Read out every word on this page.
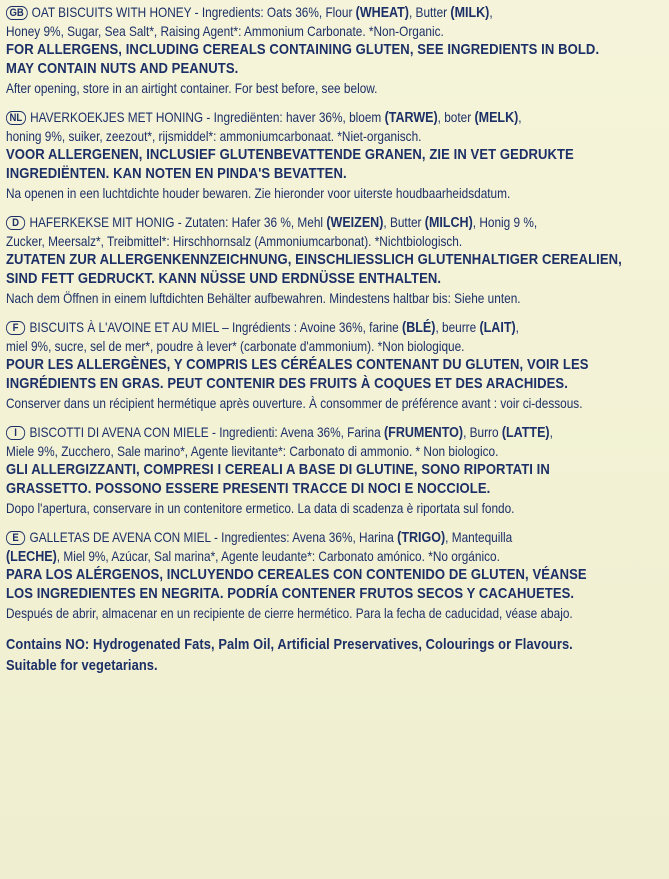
GB OAT BISCUITS WITH HONEY - Ingredients: Oats 36%, Flour (WHEAT), Butter (MILK),
Honey 9%, Sugar, Sea Salt*, Raising Agent*: Ammonium Carbonate. *Non-Organic.
FOR ALLERGENS, INCLUDING CEREALS CONTAINING GLUTEN, SEE INGREDIENTS IN BOLD.
MAY CONTAIN NUTS AND PEANUTS.
After opening, store in an airtight container. For best before, see below.
NL HAVERKOEKJES MET HONING - Ingrediënten: haver 36%, bloem (TARWE), boter (MELK),
honing 9%, suiker, zeezout*, rijsmiddel*: ammoniumcarbonaat. *Niet-organisch.
VOOR ALLERGENEN, INCLUSIEF GLUTENBEVATTENDE GRANEN, ZIE IN VET GEDRUKTE
INGREDIËNTEN. KAN NOTEN EN PINDA'S BEVATTEN.
Na openen in een luchtdichte houder bewaren. Zie hieronder voor uiterste houdbaarheidsdatum.
D HAFERKEKSE MIT HONIG - Zutaten: Hafer 36 %, Mehl (WEIZEN), Butter (MILCH), Honig 9 %,
Zucker, Meersalz*, Treibmittel*: Hirschhornsalz (Ammoniumcarbonat). *Nichtbiologisch.
ZUTATEN ZUR ALLERGENKENNZEICHNUNG, EINSCHLIESSLICH GLUTENHALTIGER CEREALIEN,
SIND FETT GEDRUCKT. KANN NÜSSE UND ERDNÜSSE ENTHALTEN.
Nach dem Öffnen in einem luftdichten Behälter aufbewahren. Mindestens haltbar bis: Siehe unten.
F BISCUITS À L'AVOINE ET AU MIEL – Ingrédients : Avoine 36%, farine (BLÉ), beurre (LAIT),
miel 9%, sucre, sel de mer*, poudre à lever* (carbonate d'ammonium). *Non biologique.
POUR LES ALLERGÈNES, Y COMPRIS LES CÉRÉALES CONTENANT DU GLUTEN, VOIR LES
INGRÉDIENTS EN GRAS. PEUT CONTENIR DES FRUITS À COQUES ET DES ARACHIDES.
Conserver dans un récipient hermétique après ouverture. À consommer de préférence avant : voir ci-dessous.
I BISCOTTI DI AVENA CON MIELE - Ingredienti: Avena 36%, Farina (FRUMENTO), Burro (LATTE),
Miele 9%, Zucchero, Sale marino*, Agente lievitante*: Carbonato di ammonio. * Non biologico.
GLI ALLERGIZZANTI, COMPRESI I CEREALI A BASE DI GLUTINE, SONO RIPORTATI IN
GRASSETTO. POSSONO ESSERE PRESENTI TRACCE DI NOCI E NOCCIOLE.
Dopo l'apertura, conservare in un contenitore ermetico. La data di scadenza è riportata sul fondo.
E GALLETAS DE AVENA CON MIEL - Ingredientes: Avena 36%, Harina (TRIGO), Mantequilla
(LECHE), Miel 9%, Azúcar, Sal marina*, Agente leudante*: Carbonato amónico. *No orgánico.
PARA LOS ALÉRGENOS, INCLUYENDO CEREALES CON CONTENIDO DE GLUTEN, VÉANSE
LOS INGREDIENTES EN NEGRITA. PODRÍA CONTENER FRUTOS SECOS Y CACAHUETES.
Después de abrir, almacenar en un recipiente de cierre hermético. Para la fecha de caducidad, véase abajo.
Contains NO: Hydrogenated Fats, Palm Oil, Artificial Preservatives, Colourings or Flavours.
Suitable for vegetarians.
